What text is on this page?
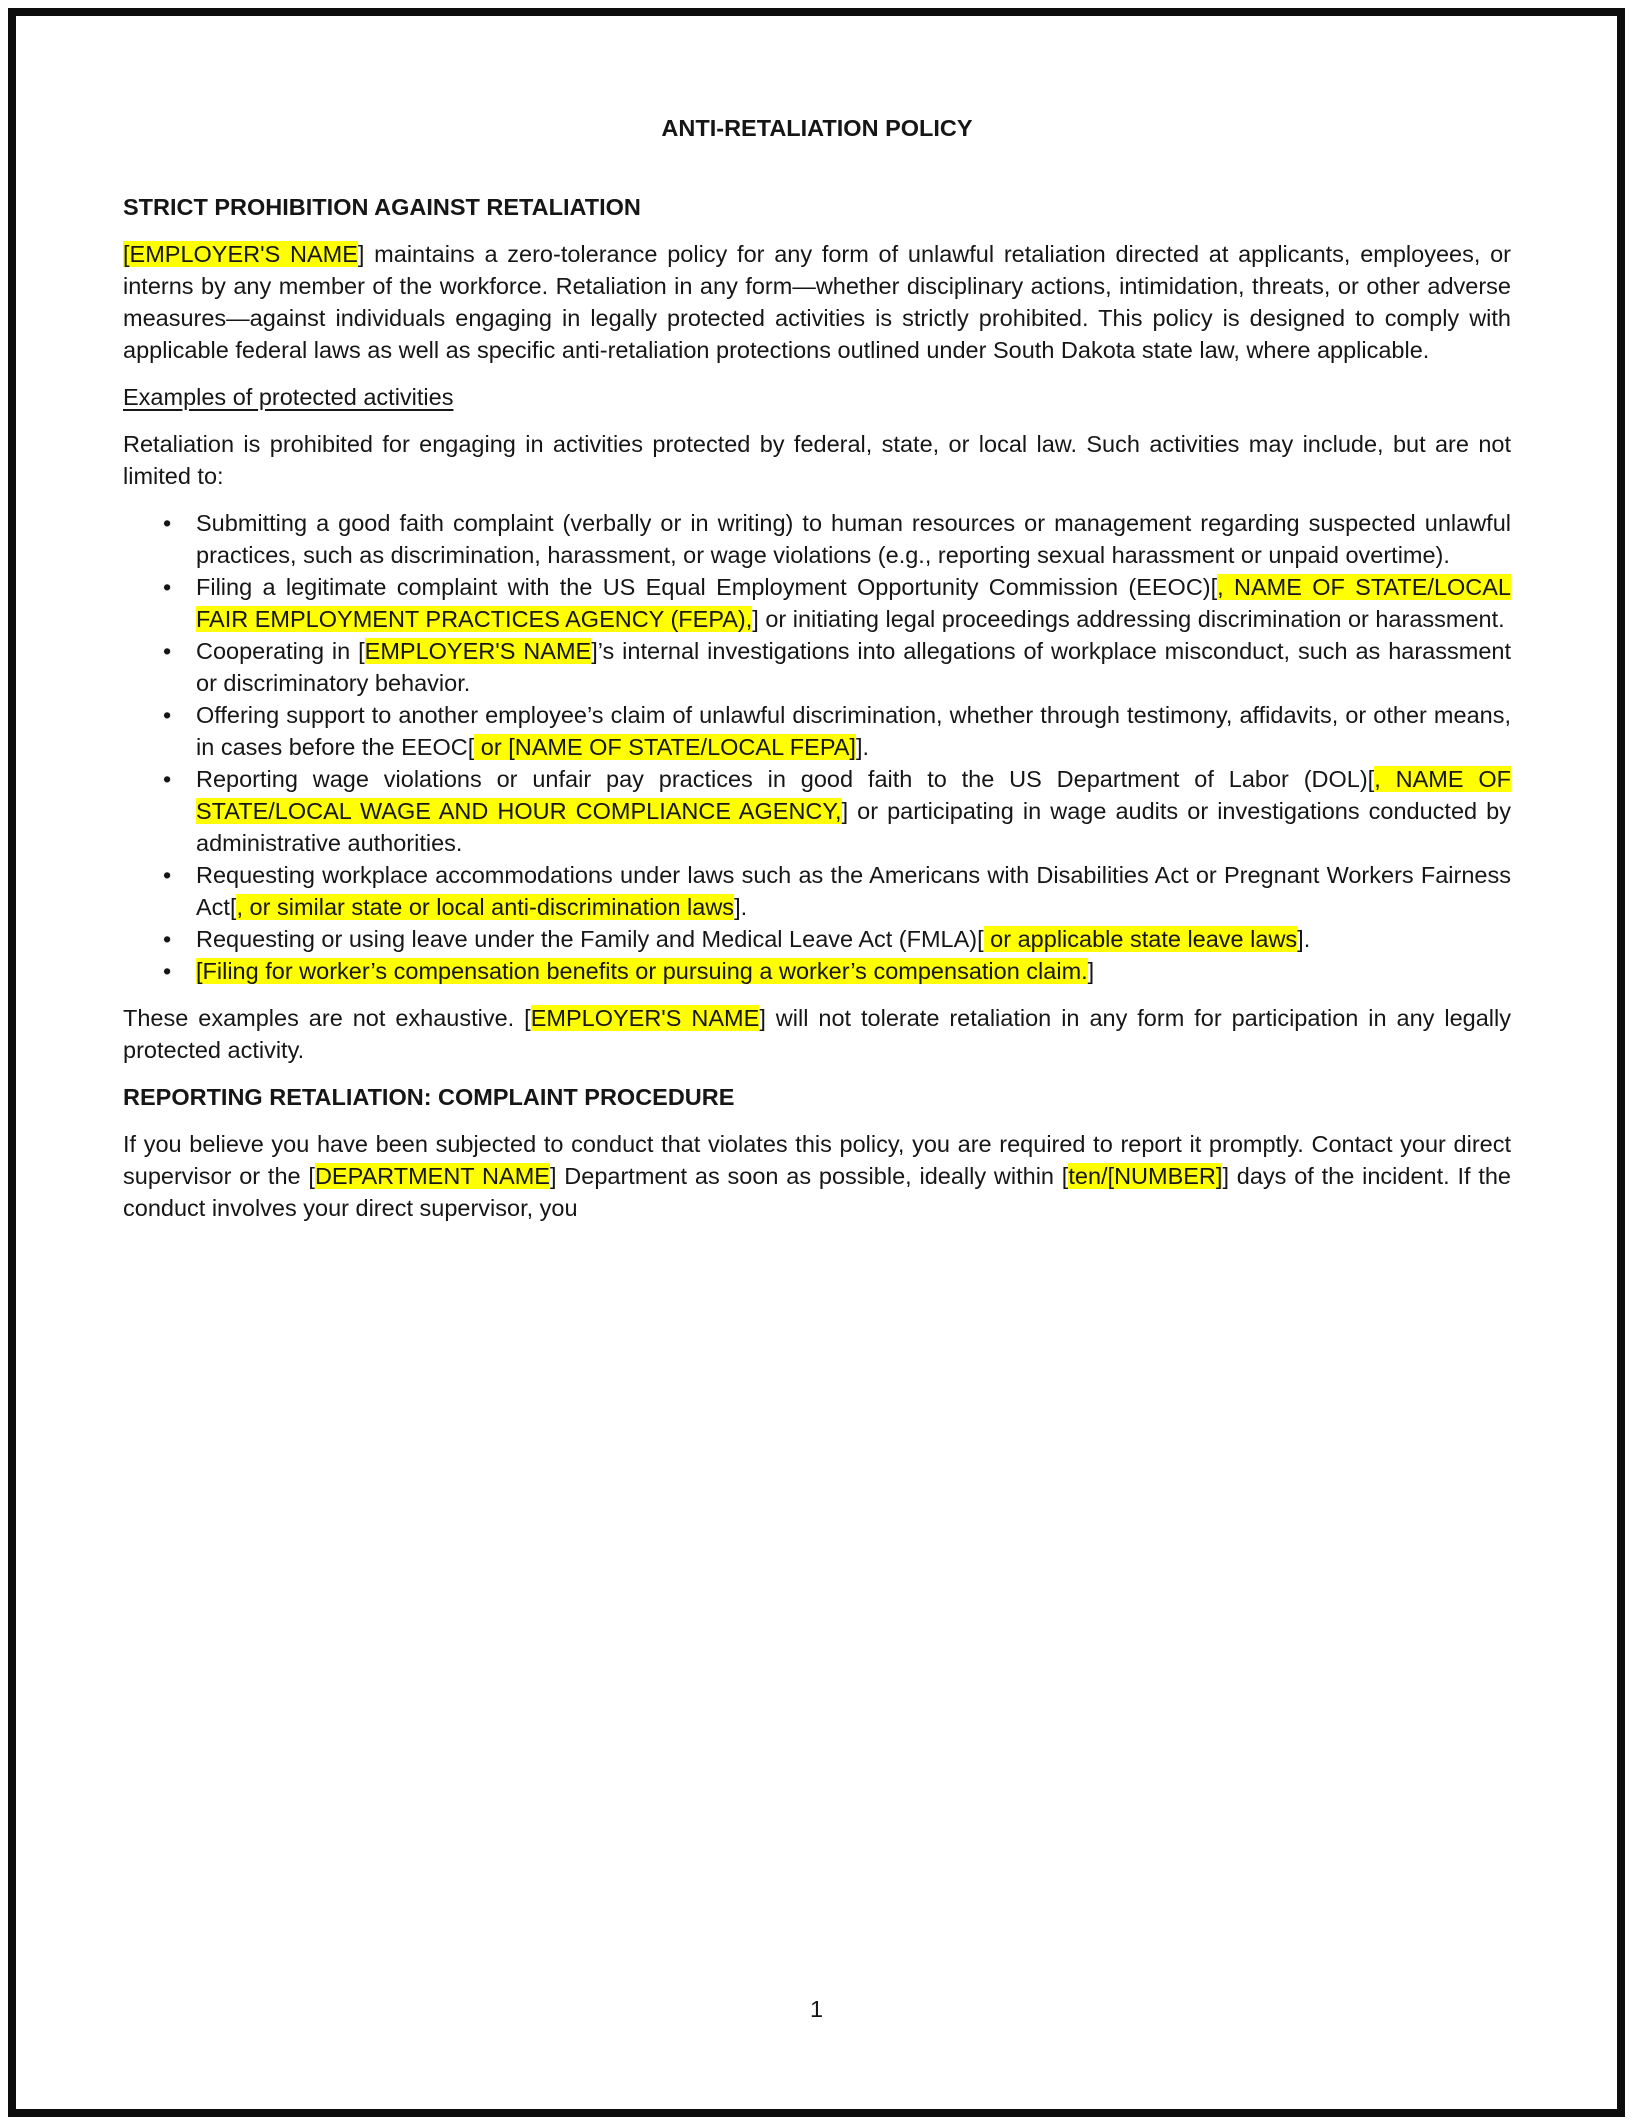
ANTI-RETALIATION POLICY
STRICT PROHIBITION AGAINST RETALIATION
[EMPLOYER'S NAME] maintains a zero-tolerance policy for any form of unlawful retaliation directed at applicants, employees, or interns by any member of the workforce. Retaliation in any form—whether disciplinary actions, intimidation, threats, or other adverse measures—against individuals engaging in legally protected activities is strictly prohibited. This policy is designed to comply with applicable federal laws as well as specific anti-retaliation protections outlined under South Dakota state law, where applicable.
Examples of protected activities
Retaliation is prohibited for engaging in activities protected by federal, state, or local law. Such activities may include, but are not limited to:
• Submitting a good faith complaint (verbally or in writing) to human resources or management regarding suspected unlawful practices, such as discrimination, harassment, or wage violations (e.g., reporting sexual harassment or unpaid overtime).
• Filing a legitimate complaint with the US Equal Employment Opportunity Commission (EEOC)[, NAME OF STATE/LOCAL FAIR EMPLOYMENT PRACTICES AGENCY (FEPA),] or initiating legal proceedings addressing discrimination or harassment.
• Cooperating in [EMPLOYER'S NAME]’s internal investigations into allegations of workplace misconduct, such as harassment or discriminatory behavior.
• Offering support to another employee’s claim of unlawful discrimination, whether through testimony, affidavits, or other means, in cases before the EEOC[ or [NAME OF STATE/LOCAL FEPA]].
• Reporting wage violations or unfair pay practices in good faith to the US Department of Labor (DOL)[, NAME OF STATE/LOCAL WAGE AND HOUR COMPLIANCE AGENCY,] or participating in wage audits or investigations conducted by administrative authorities.
• Requesting workplace accommodations under laws such as the Americans with Disabilities Act or Pregnant Workers Fairness Act[, or similar state or local anti-discrimination laws].
• Requesting or using leave under the Family and Medical Leave Act (FMLA)[ or applicable state leave laws].
• [Filing for worker’s compensation benefits or pursuing a worker’s compensation claim.]
These examples are not exhaustive. [EMPLOYER'S NAME] will not tolerate retaliation in any form for participation in any legally protected activity.
REPORTING RETALIATION: COMPLAINT PROCEDURE
If you believe you have been subjected to conduct that violates this policy, you are required to report it promptly. Contact your direct supervisor or the [DEPARTMENT NAME] Department as soon as possible, ideally within [ten/[NUMBER]] days of the incident. If the conduct involves your direct supervisor, you
1
